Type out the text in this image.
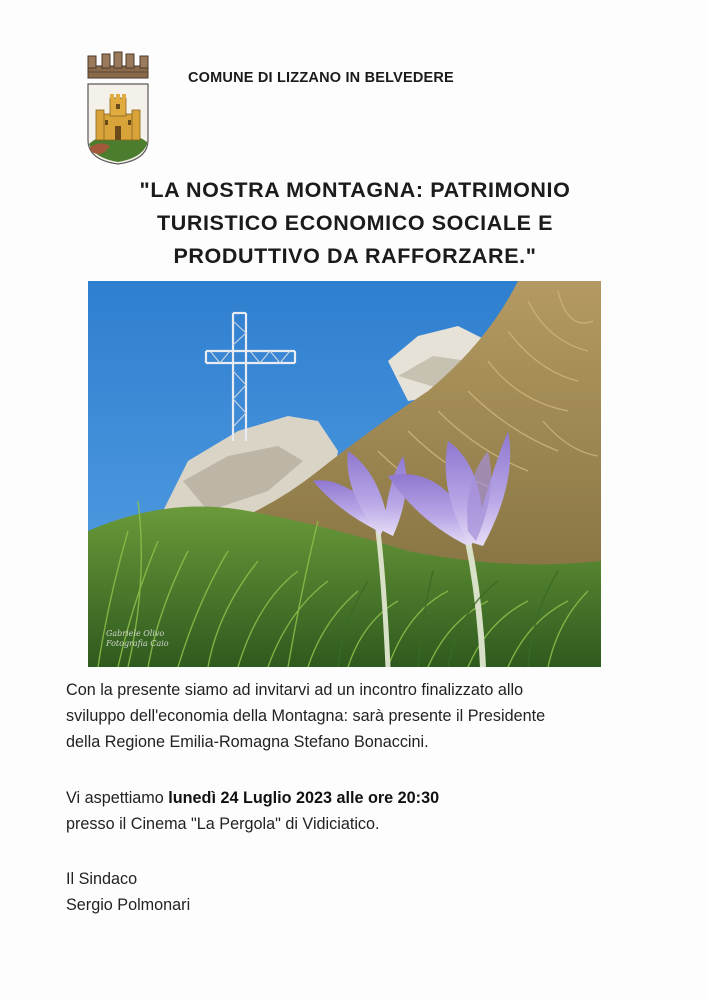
COMUNE DI LIZZANO IN BELVEDERE
"LA NOSTRA MONTAGNA: PATRIMONIO
TURISTICO ECONOMICO SOCIALE E
PRODUTTIVO DA RAFFORZARE."
Gabriele Olivo
Fotografia Caio
Con la presente siamo ad invitarvi ad un incontro finalizzato allo
sviluppo dell'economia della Montagna: sarà presente il Presidente
della Regione Emilia-Romagna Stefano Bonaccini.
Vi aspettiamo lunedì 24 Luglio 2023 alle ore 20:30
presso il Cinema "La Pergola" di Vidiciatico.
Il Sindaco
Sergio Polmonari
